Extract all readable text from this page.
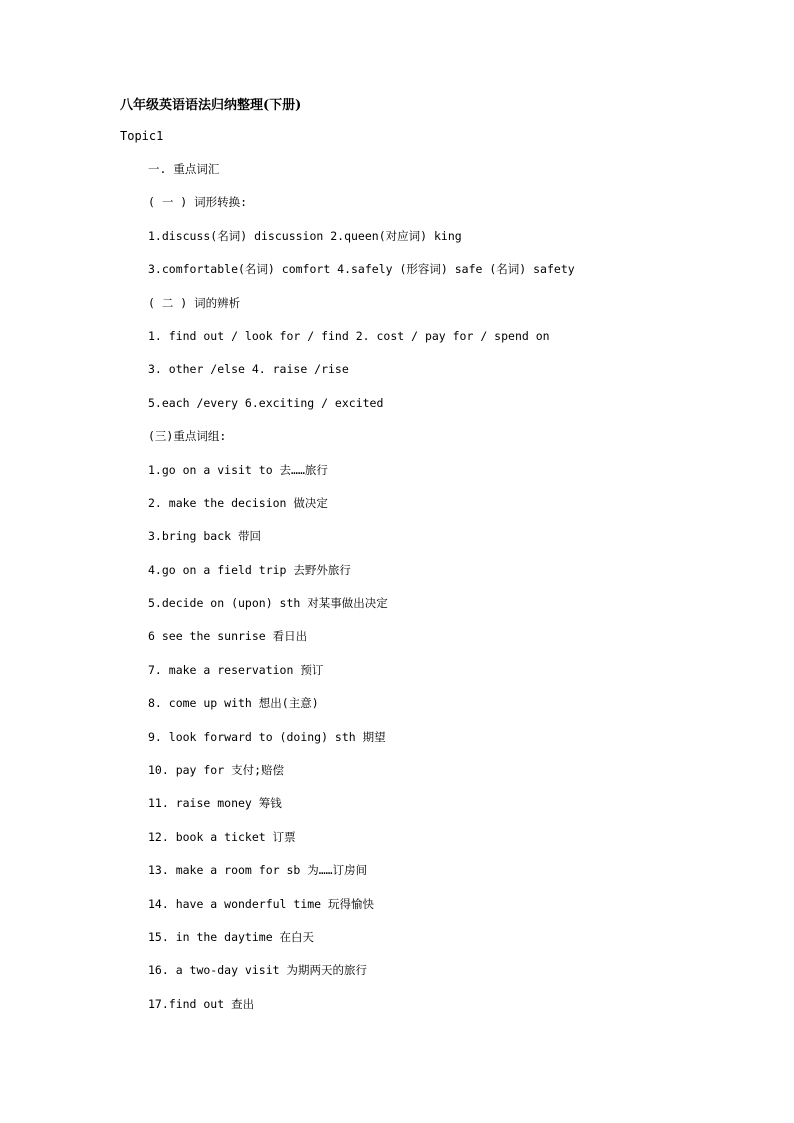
八年级英语语法归纳整理(下册)
Topic1
一. 重点词汇
( 一 ) 词形转换:
1.discuss(名词) discussion 2.queen(对应词) king
3.comfortable(名词) comfort 4.safely (形容词) safe (名词) safety
( 二 ) 词的辨析
1. find out / look for / find 2. cost / pay for / spend on
3. other /else 4. raise /rise
5.each /every 6.exciting / excited
(三)重点词组:
1.go on a visit to 去……旅行
2. make the decision 做决定
3.bring back 带回
4.go on a field trip 去野外旅行
5.decide on (upon) sth 对某事做出决定
6 see the sunrise 看日出
7. make a reservation 预订
8. come up with 想出(主意)
9. look forward to (doing) sth 期望
10. pay for 支付;赔偿
11. raise money 筹钱
12. book a ticket 订票
13. make a room for sb 为……订房间
14. have a wonderful time 玩得愉快
15. in the daytime 在白天
16. a two-day visit 为期两天的旅行
17.find out 查出
